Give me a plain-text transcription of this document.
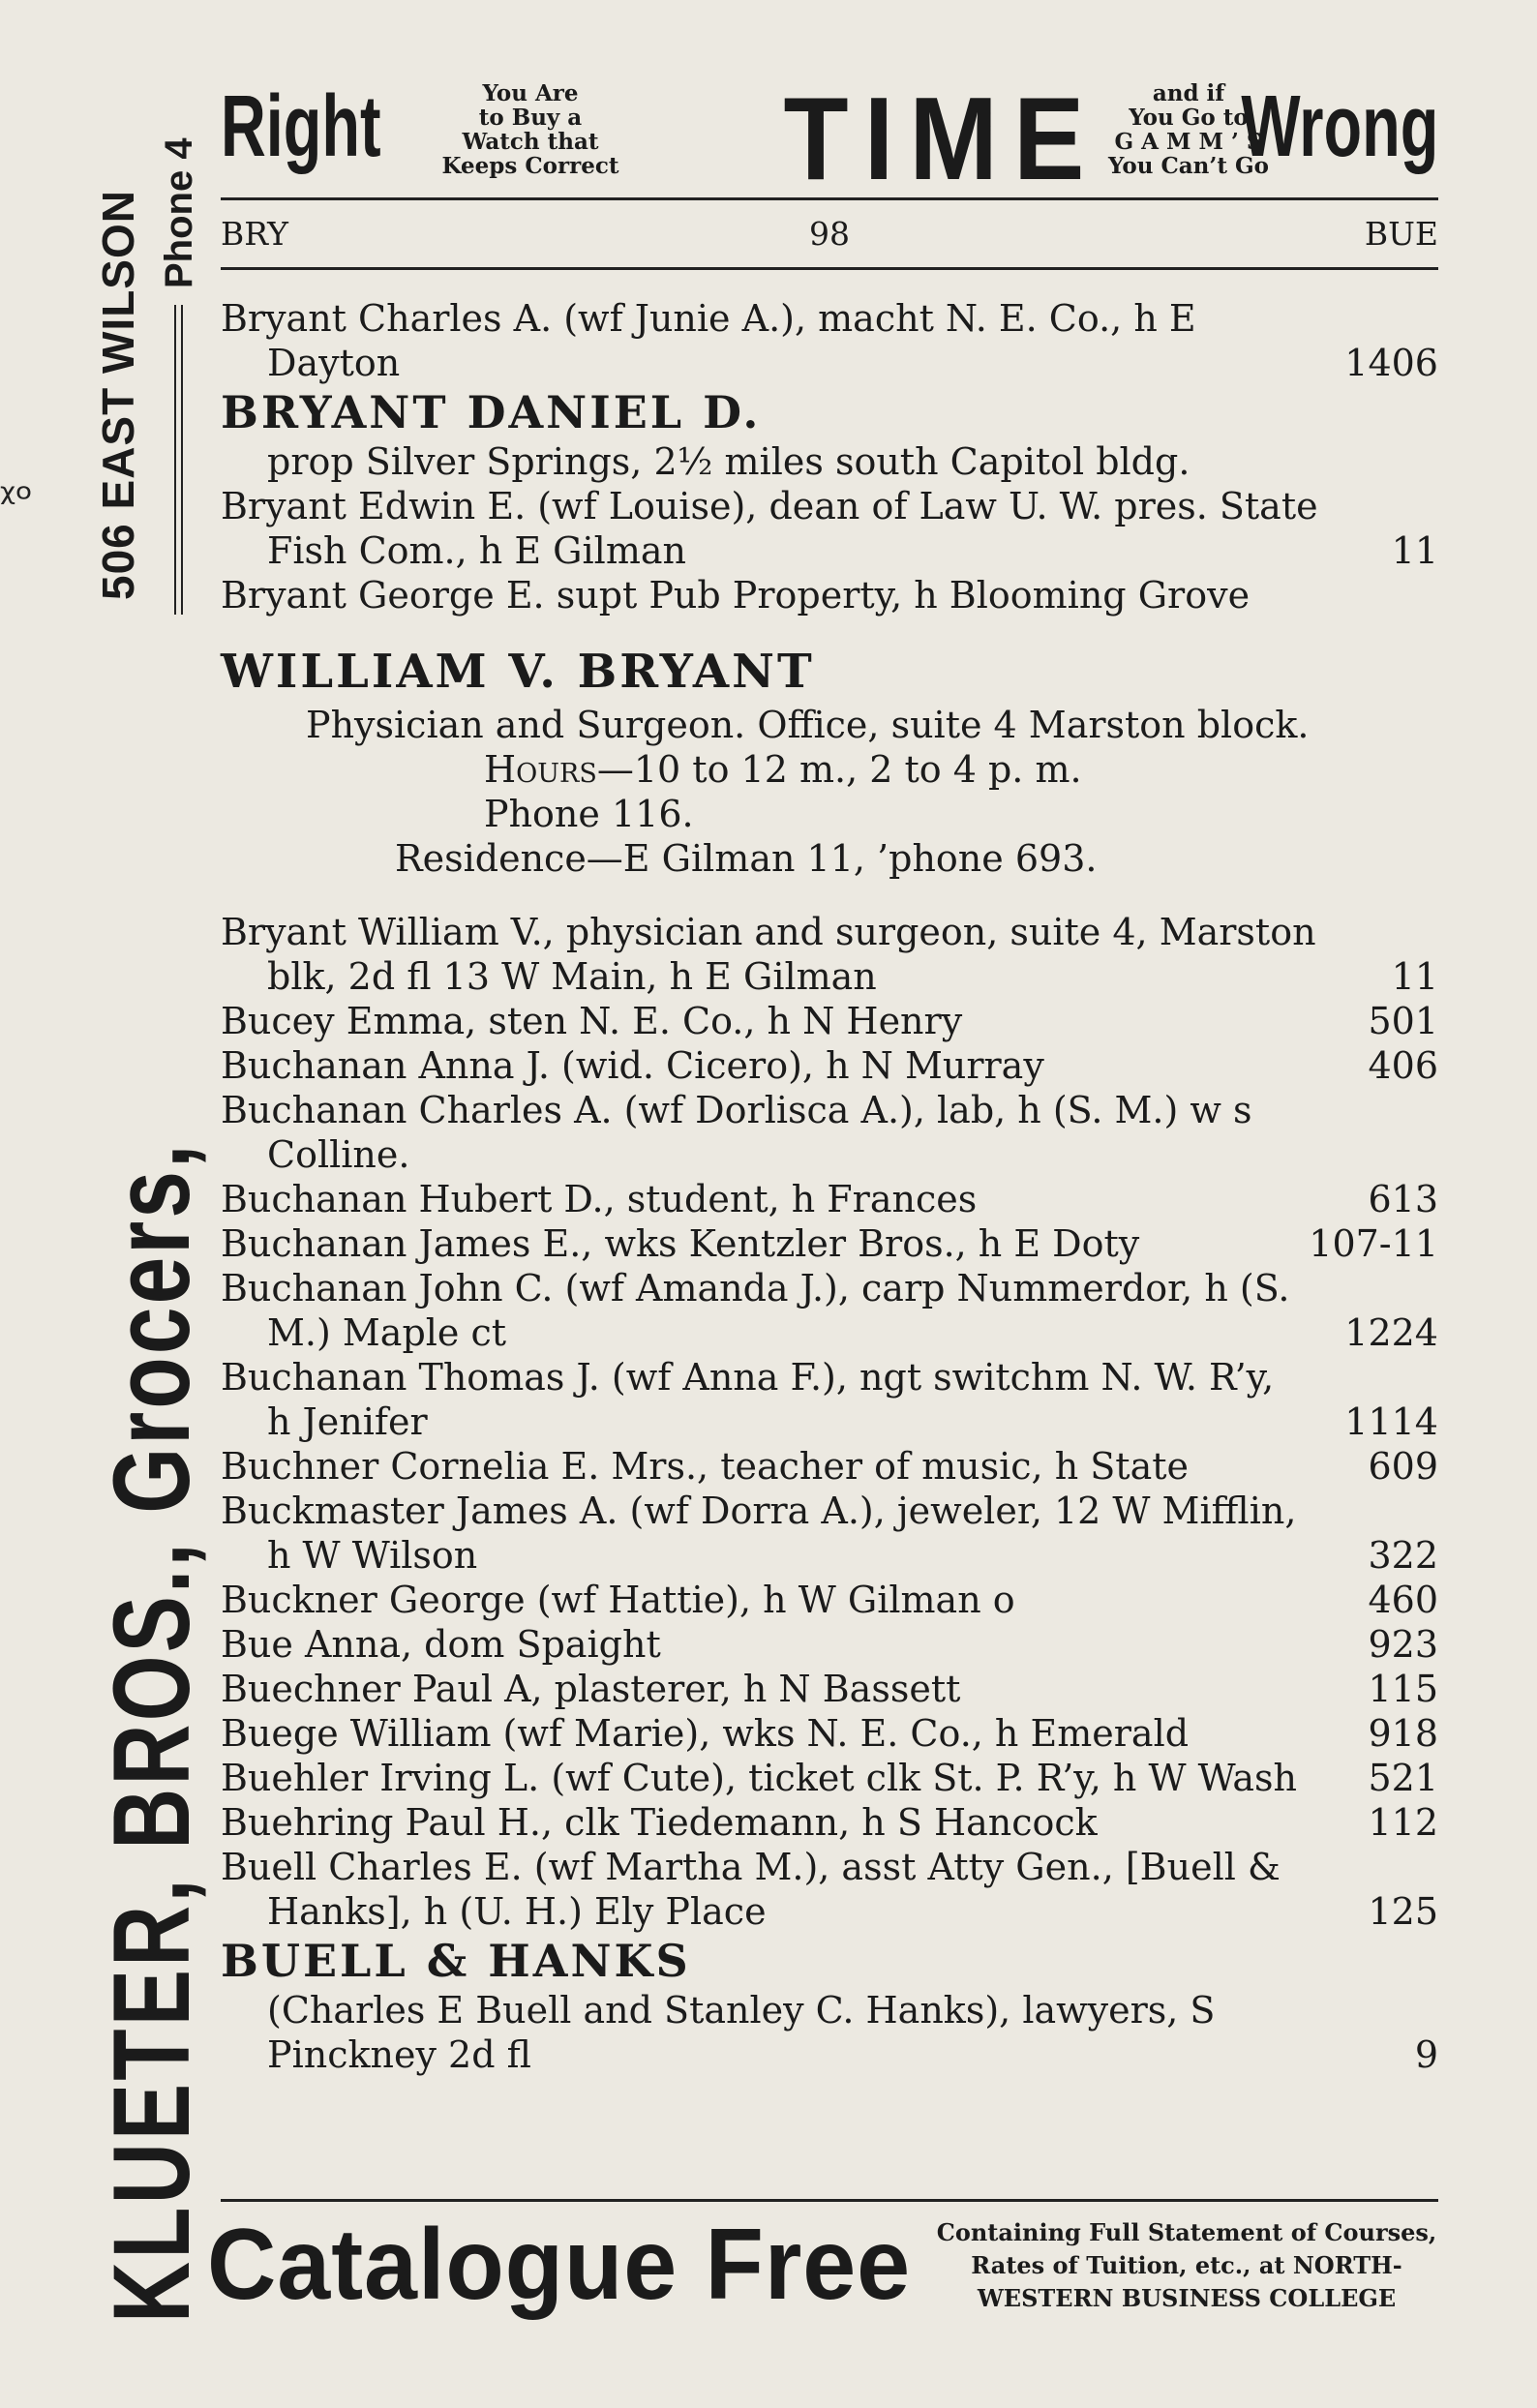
ᵡᵒ
Phone 4
506 EAST WILSON
KLUETER, BROS., Grocers,
Right	You Are
to Buy a
Watch that
Keeps Correct	TIME	and if
You Go to
G A M M ’ S
You Can’t Go
Wrong
BRY	98	BUE
Bryant Charles A. (wf Junie A.), macht N. E. Co., h E
Dayton	1406
BRYANT DANIEL D.
prop Silver Springs, 2½ miles south Capitol bldg.
Bryant Edwin E. (wf Louise), dean of Law U. W. pres. State
Fish Com., h E Gilman	11
Bryant George E. supt Pub Property, h Blooming Grove
WILLIAM V. BRYANT
Physician and Surgeon. Office, suite 4 Marston block.
Hours—10 to 12 m., 2 to 4 p. m.
Phone 116.
Residence—E Gilman 11, ’phone 693.
Bryant William V., physician and surgeon, suite 4, Marston
blk, 2d fl 13 W Main, h E Gilman	11
Bucey Emma, sten N. E. Co., h N Henry	501
Buchanan Anna J. (wid. Cicero), h N Murray	406
Buchanan Charles A. (wf Dorlisca A.), lab, h (S. M.) w s
Colline.
Buchanan Hubert D., student, h Frances	613
Buchanan James E., wks Kentzler Bros., h E Doty	107-11
Buchanan John C. (wf Amanda J.), carp Nummerdor, h (S.
M.) Maple ct	1224
Buchanan Thomas J. (wf Anna F.), ngt switchm N. W. R’y,
h Jenifer	1114
Buchner Cornelia E. Mrs., teacher of music, h State	609
Buckmaster James A. (wf Dorra A.), jeweler, 12 W Mifflin,
h W Wilson	322
Buckner George (wf Hattie), h W Gilman o	460
Bue Anna, dom Spaight	923
Buechner Paul A, plasterer, h N Bassett	115
Buege William (wf Marie), wks N. E. Co., h Emerald	918
Buehler Irving L. (wf Cute), ticket clk St. P. R’y, h W Wash 521
Buehring Paul H., clk Tiedemann, h S Hancock	112
Buell Charles E. (wf Martha M.), asst Atty Gen., [Buell &
Hanks], h (U. H.) Ely Place	125
BUELL & HANKS
(Charles E Buell and Stanley C. Hanks), lawyers, S
Pinckney 2d fl	9
Catalogue Free Containing Full Statement of Courses,
Rates of Tuition, etc., at NORTH-
WESTERN BUSINESS COLLEGE
